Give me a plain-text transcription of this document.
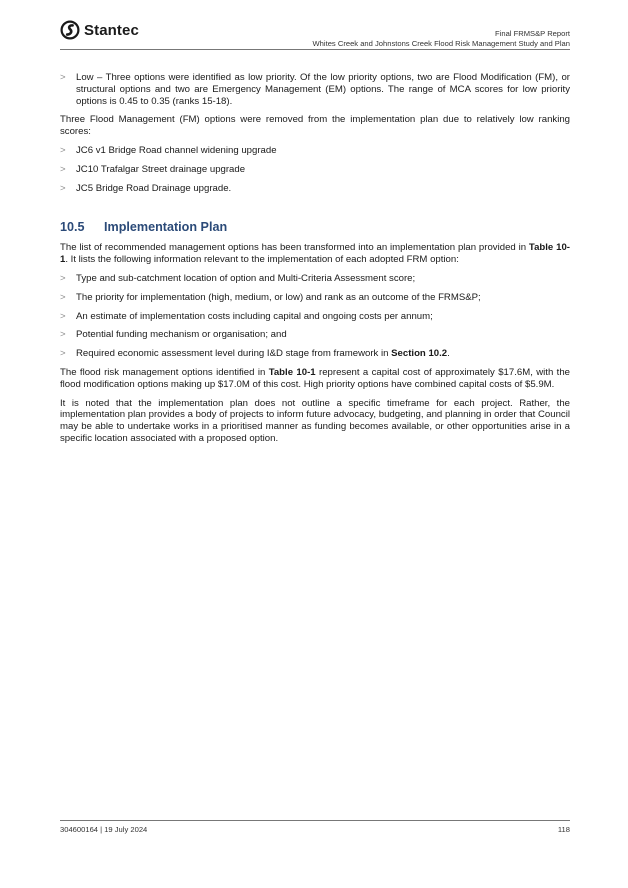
Stantec	Final FRMS&P Report
Whites Creek and Johnstons Creek Flood Risk Management Study and Plan
> Low – Three options were identified as low priority. Of the low priority options, two are Flood Modification (FM), or structural options and two are Emergency Management (EM) options. The range of MCA scores for low priority options is 0.45 to 0.35 (ranks 15-18).

Three Flood Management (FM) options were removed from the implementation plan due to relatively low ranking scores:

> JC6 v1 Bridge Road channel widening upgrade
> JC10 Trafalgar Street drainage upgrade
> JC5 Bridge Road Drainage upgrade.
10.5 Implementation Plan

The list of recommended management options has been transformed into an implementation plan provided in Table 10-1. It lists the following information relevant to the implementation of each adopted FRM option:

> Type and sub-catchment location of option and Multi-Criteria Assessment score;
> The priority for implementation (high, medium, or low) and rank as an outcome of the FRMS&P;
> An estimate of implementation costs including capital and ongoing costs per annum;
> Potential funding mechanism or organisation; and
> Required economic assessment level during I&D stage from framework in Section 10.2.

The flood risk management options identified in Table 10-1 represent a capital cost of approximately $17.6M, with the flood modification options making up $17.0M of this cost. High priority options have combined capital costs of $5.9M.

It is noted that the implementation plan does not outline a specific timeframe for each project. Rather, the implementation plan provides a body of projects to inform future advocacy, budgeting, and planning in order that Council may be able to undertake works in a prioritised manner as funding becomes available, or other opportunities arise in a specific location associated with a proposed option.

304600164 | 19 July 2024	118
